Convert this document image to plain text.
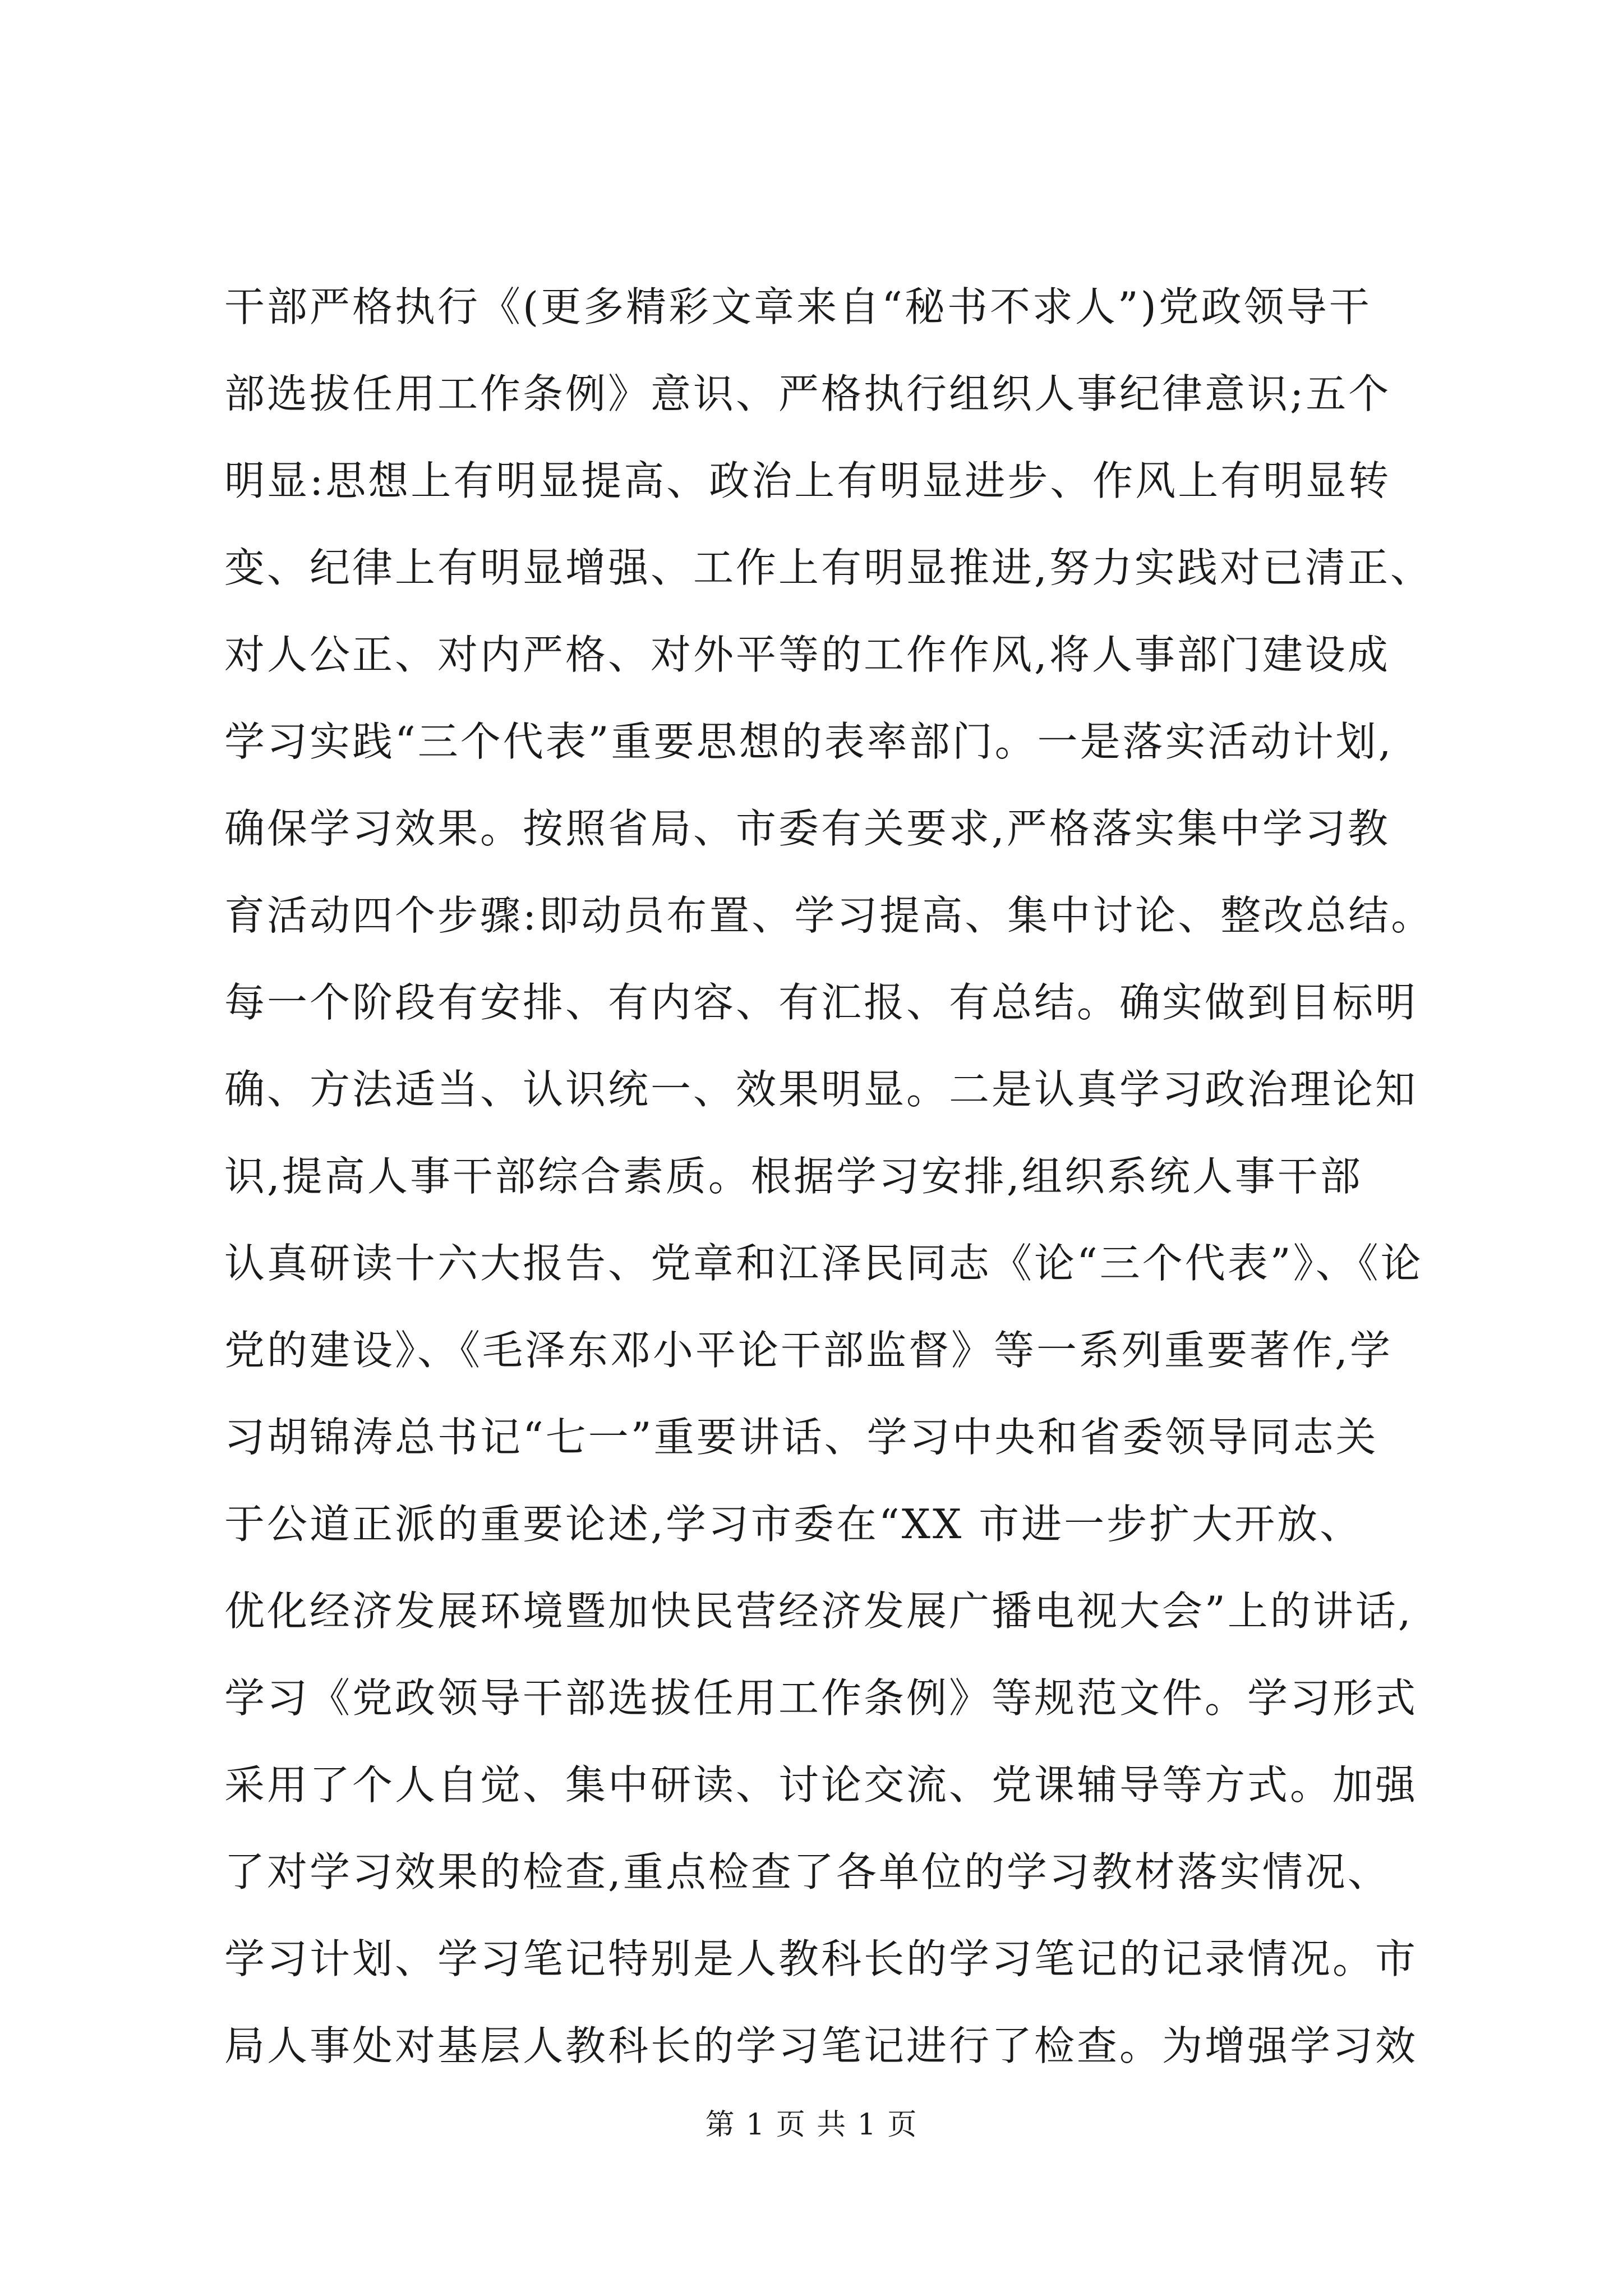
干部严格执行《(更多精彩文章来自“秘书不求人”)党政领导干
部选拔任用工作条例》意识、严格执行组织人事纪律意识;五个
明显:思想上有明显提高、政治上有明显进步、作风上有明显转
变、纪律上有明显增强、工作上有明显推进,努力实践对已清正、
对人公正、对内严格、对外平等的工作作风,将人事部门建设成
学习实践“三个代表”重要思想的表率部门。一是落实活动计划,
确保学习效果。按照省局、市委有关要求,严格落实集中学习教
育活动四个步骤:即动员布置、学习提高、集中讨论、整改总结。
每一个阶段有安排、有内容、有汇报、有总结。确实做到目标明
确、方法适当、认识统一、效果明显。二是认真学习政治理论知
识,提高人事干部综合素质。根据学习安排,组织系统人事干部
认真研读十六大报告、党章和江泽民同志《论“三个代表”》、《论
党的建设》、《毛泽东邓小平论干部监督》等一系列重要著作,学
习胡锦涛总书记“七一”重要讲话、学习中央和省委领导同志关
于公道正派的重要论述,学习市委在“XX 市进一步扩大开放、
优化经济发展环境暨加快民营经济发展广播电视大会”上的讲话,
学习《党政领导干部选拔任用工作条例》等规范文件。学习形式
采用了个人自觉、集中研读、讨论交流、党课辅导等方式。加强
了对学习效果的检查,重点检查了各单位的学习教材落实情况、
学习计划、学习笔记特别是人教科长的学习笔记的记录情况。市
局人事处对基层人教科长的学习笔记进行了检查。为增强学习效
第 1 页 共 1 页
